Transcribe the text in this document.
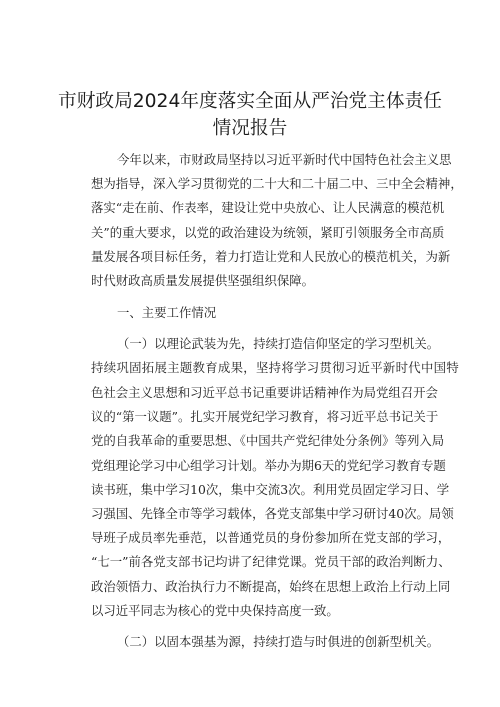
市财政局2024年度落实全面从严治党主体责任
情况报告
今年以来，市财政局坚持以习近平新时代中国特色社会主义思
想为指导，深入学习贯彻党的二十大和二十届二中、三中全会精神，
落实“走在前、作表率，建设让党中央放心、让人民满意的模范机
关”的重大要求，以党的政治建设为统领，紧盯引领服务全市高质
量发展各项目标任务，着力打造让党和人民放心的模范机关，为新
时代财政高质量发展提供坚强组织保障。
一、主要工作情况
（一）以理论武装为先，持续打造信仰坚定的学习型机关。
持续巩固拓展主题教育成果，坚持将学习贯彻习近平新时代中国特
色社会主义思想和习近平总书记重要讲话精神作为局党组召开会
议的“第一议题”。扎实开展党纪学习教育，将习近平总书记关于
党的自我革命的重要思想、《中国共产党纪律处分条例》等列入局
党组理论学习中心组学习计划。举办为期6天的党纪学习教育专题
读书班，集中学习10次，集中交流3次。利用党员固定学习日、学
习强国、先锋全市等学习载体，各党支部集中学习研讨40次。局领
导班子成员率先垂范，以普通党员的身份参加所在党支部的学习，
“七一”前各党支部书记均讲了纪律党课。党员干部的政治判断力、
政治领悟力、政治执行力不断提高，始终在思想上政治上行动上同
以习近平同志为核心的党中央保持高度一致。
（二）以固本强基为源，持续打造与时俱进的创新型机关。
